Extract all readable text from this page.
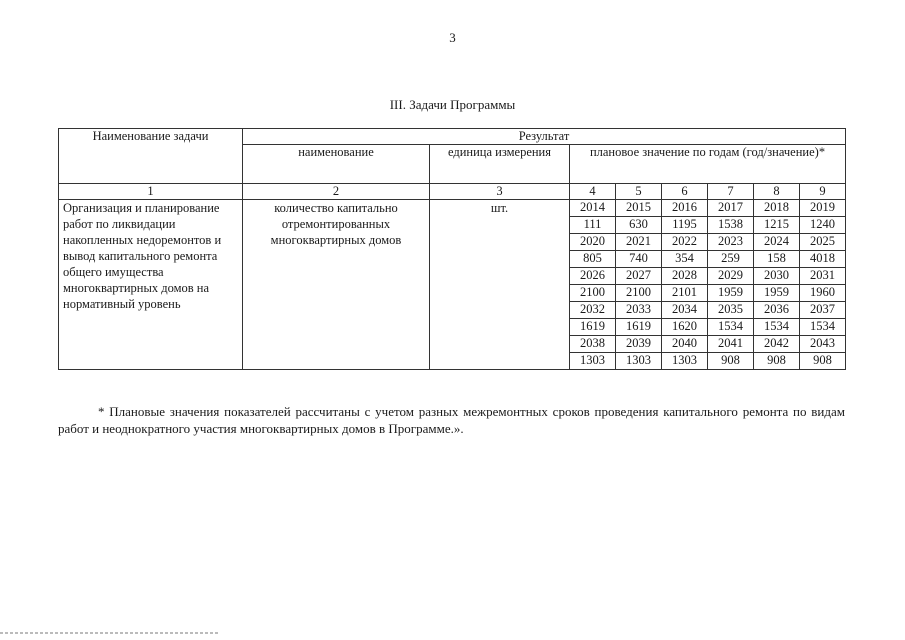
3
III. Задачи Программы
Наименование задачи	Результат							
	наименование	единица измерения	плановое значение по годам (год/значение)*					
1	2	3	4	5	6	7	8	9
Организация и планирование работ по ликвидации накопленных недоремонтов и вывод капитального ремонта общего имущества многоквартирных домов на нормативный уровень	количество капитально отремонтированных многоквартирных домов	шт.	2014	2015	2016	2017	2018	2019
			111	630	1195	1538	1215	1240
			2020	2021	2022	2023	2024	2025
			805	740	354	259	158	4018
			2026	2027	2028	2029	2030	2031
			2100	2100	2101	1959	1959	1960
			2032	2033	2034	2035	2036	2037
			1619	1619	1620	1534	1534	1534
			2038	2039	2040	2041	2042	2043
			1303	1303	1303	908	908	908
* Плановые значения показателей рассчитаны с учетом разных межремонтных сроков проведения капитального ремонта по видам работ и неоднократного участия многоквартирных домов в Программе.».
